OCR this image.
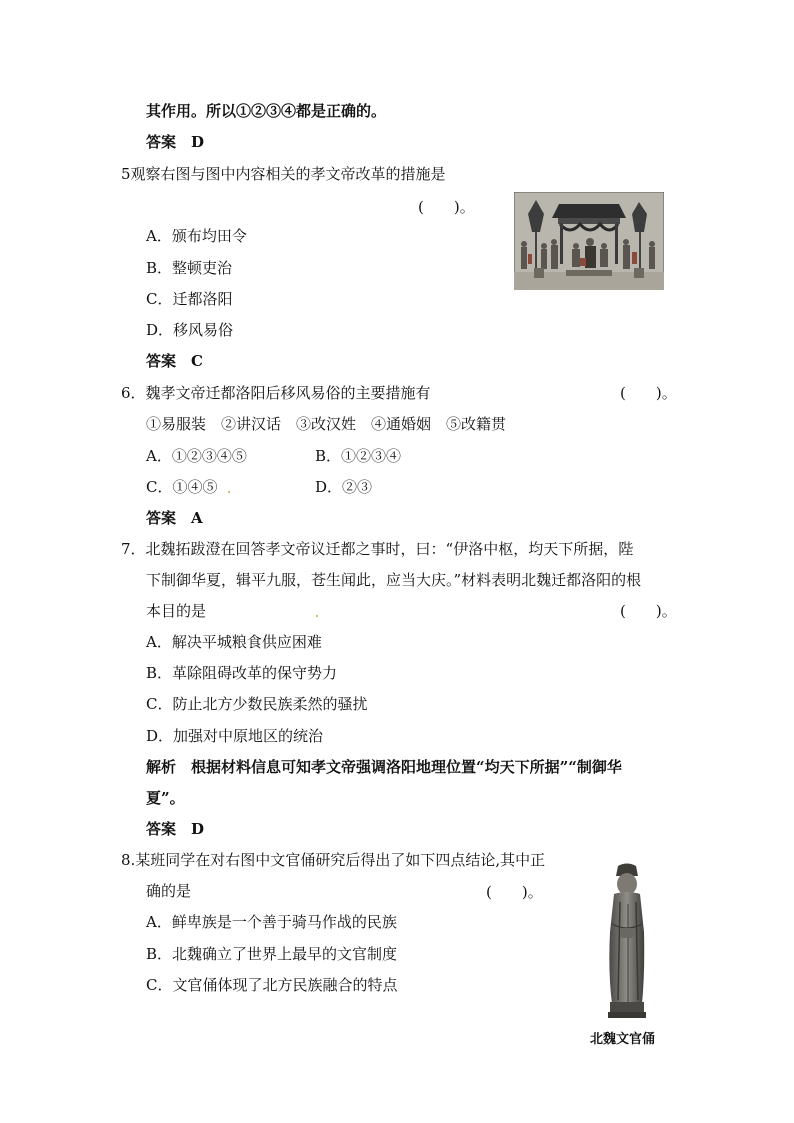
其作用。所以①②③④都是正确的。
答案　D
5观察右图与图中内容相关的孝文帝改革的措施是
(　　)。
A．颁布均田令
B．整顿吏治
C．迁都洛阳
D．移风易俗
答案　C
6．魏孝文帝迁都洛阳后移风易俗的主要措施有	(　　)。
①易服装　②讲汉话　③改汉姓　④通婚姻　⑤改籍贯
A．①②③④⑤	B．①②③④
C．①④⑤	D．②③
答案　A
7．北魏拓跋澄在回答孝文帝议迁都之事时，曰：“伊洛中枢，均天下所据，陛
下制御华夏，辑平九服，苍生闻此，应当大庆。”材料表明北魏迁都洛阳的根
本目的是	(　　)。
A．解决平城粮食供应困难
B．革除阻碍改革的保守势力
C．防止北方少数民族柔然的骚扰
D．加强对中原地区的统治
解析　根据材料信息可知孝文帝强调洛阳地理位置“均天下所据”“制御华
夏”。
答案　D
8.某班同学在对右图中文官俑研究后得出了如下四点结论,其中正
确的是	(　　)。
A．鲜卑族是一个善于骑马作战的民族
B．北魏确立了世界上最早的文官制度
C．文官俑体现了北方民族融合的特点
北魏文官俑
